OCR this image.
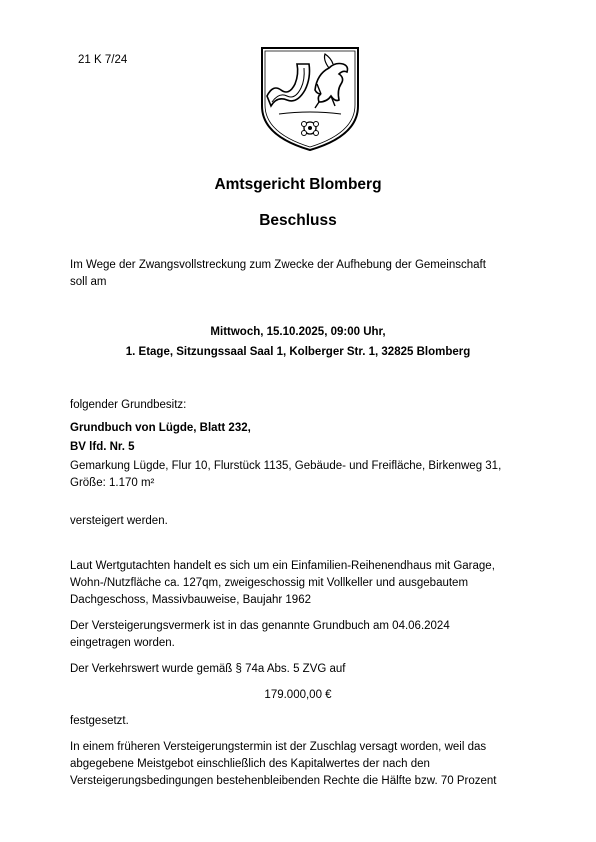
21 K 7/24
Amtsgericht Blomberg
Beschluss
Im Wege der Zwangsvollstreckung zum Zwecke der Aufhebung der Gemeinschaft
soll am
Mittwoch, 15.10.2025, 09:00 Uhr,
1. Etage, Sitzungssaal Saal 1, Kolberger Str. 1, 32825 Blomberg
folgender Grundbesitz:
Grundbuch von Lügde, Blatt 232,
BV lfd. Nr. 5
Gemarkung Lügde, Flur 10, Flurstück 1135, Gebäude- und Freifläche, Birkenweg 31,
Größe: 1.170 m²
versteigert werden.
Laut Wertgutachten handelt es sich um ein Einfamilien-Reihenendhaus mit Garage,
Wohn-/Nutzfläche ca. 127qm, zweigeschossig mit Vollkeller und ausgebautem
Dachgeschoss, Massivbauweise, Baujahr 1962
Der Versteigerungsvermerk ist in das genannte Grundbuch am 04.06.2024
eingetragen worden.
Der Verkehrswert wurde gemäß § 74a Abs. 5 ZVG auf
179.000,00 €
festgesetzt.
In einem früheren Versteigerungstermin ist der Zuschlag versagt worden, weil das
abgegebene Meistgebot einschließlich des Kapitalwertes der nach den
Versteigerungsbedingungen bestehenbleibenden Rechte die Hälfte bzw. 70 Prozent
